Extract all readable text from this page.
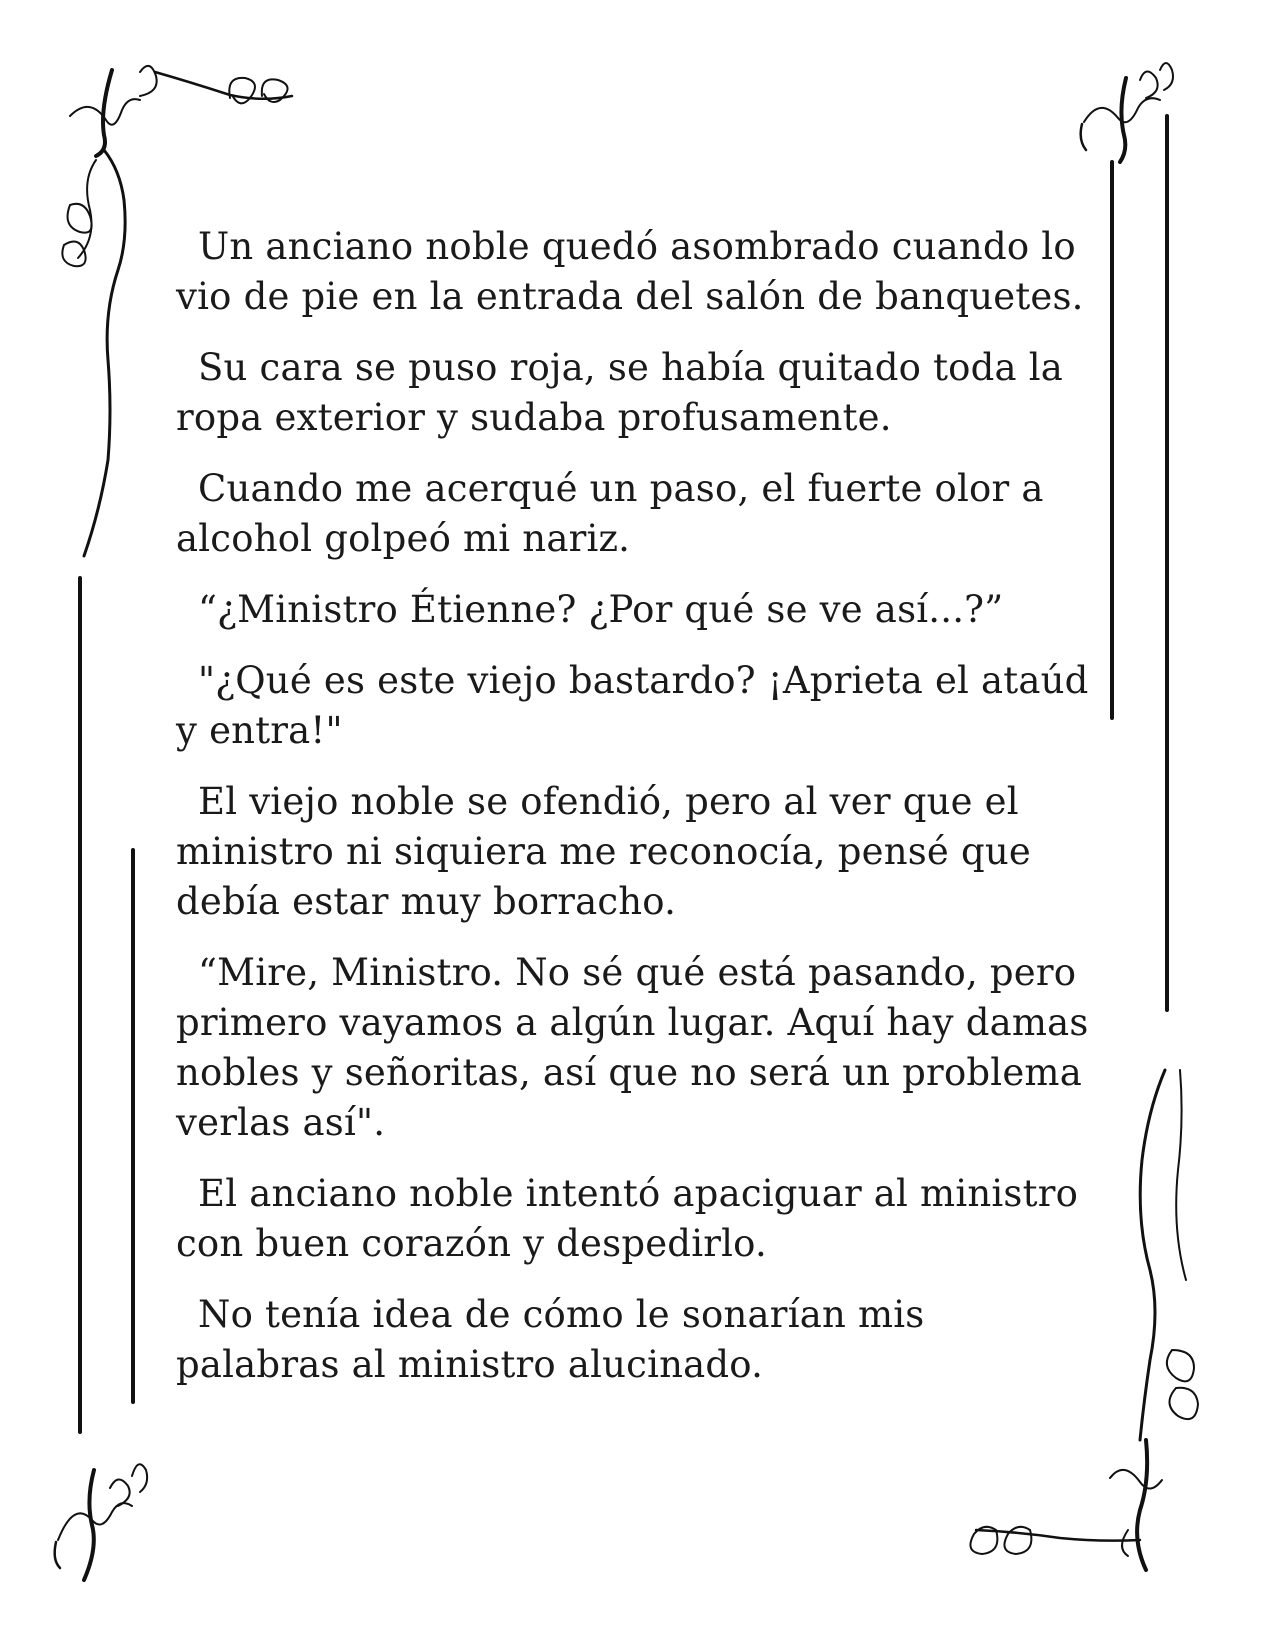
Un anciano noble quedó asombrado cuando lo vio de pie en la entrada del salón de banquetes.

Su cara se puso roja, se había quitado toda la ropa exterior y sudaba profusamente.

Cuando me acerqué un paso, el fuerte olor a alcohol golpeó mi nariz.

“¿Ministro Étienne? ¿Por qué se ve así...?”

"¿Qué es este viejo bastardo? ¡Aprieta el ataúd y entra!"

El viejo noble se ofendió, pero al ver que el ministro ni siquiera me reconocía, pensé que debía estar muy borracho.

“Mire, Ministro. No sé qué está pasando, pero primero vayamos a algún lugar. Aquí hay damas nobles y señoritas, así que no será un problema verlas así".

El anciano noble intentó apaciguar al ministro con buen corazón y despedirlo.

No tenía idea de cómo le sonarían mis palabras al ministro alucinado.
